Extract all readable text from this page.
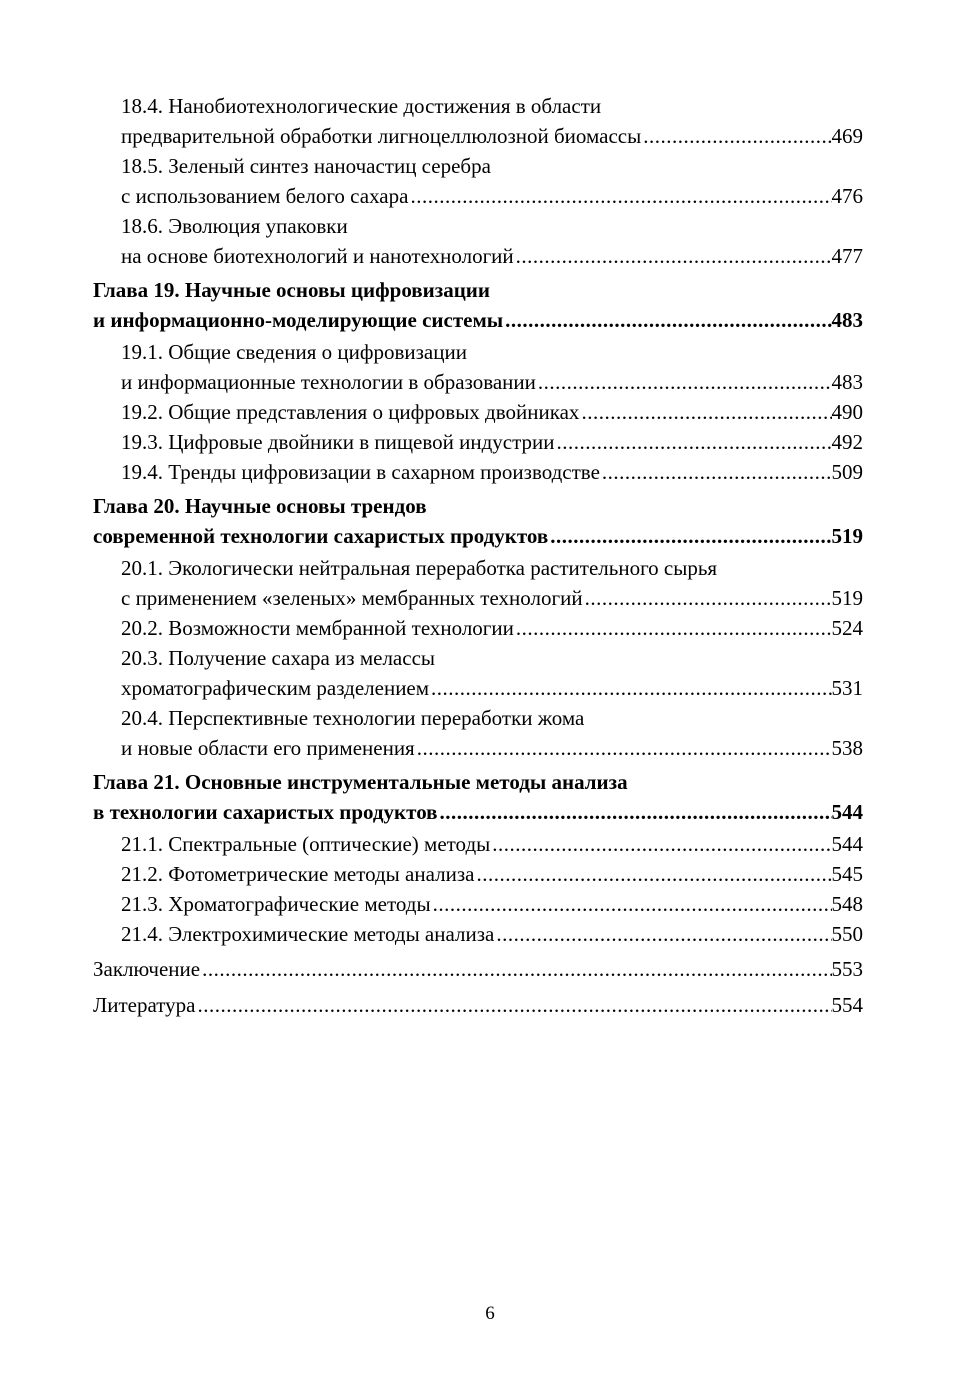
18.4. Нанобиотехнологические достижения в области
предварительной обработки лигноцеллюлозной биомассы .....	469
18.5. Зеленый синтез наночастиц серебра
с использованием белого сахара .....	476
18.6. Эволюция упаковки
на основе биотехнологий и нанотехнологий .....	477
Глава 19. Научные основы цифровизации
и информационно-моделирующие системы .....	483
19.1. Общие сведения о цифровизации
и информационные технологии в образовании .....	483
19.2. Общие представления о цифровых двойниках .....	490
19.3. Цифровые двойники в пищевой индустрии .....	492
19.4. Тренды цифровизации в сахарном производстве .....	509
Глава 20. Научные основы трендов
современной технологии сахаристых продуктов .....	519
20.1. Экологически нейтральная переработка растительного сырья
с применением «зеленых» мембранных технологий .....	519
20.2. Возможности мембранной технологии .....	524
20.3. Получение сахара из мелассы
хроматографическим разделением .....	531
20.4. Перспективные технологии переработки жома
и новые области его применения .....	538
Глава 21. Основные инструментальные методы анализа
в технологии сахаристых продуктов .....	544
21.1. Спектральные (оптические) методы .....	544
21.2. Фотометрические методы анализа .....	545
21.3. Хроматографические методы .....	548
21.4. Электрохимические методы анализа .....	550
Заключение .....	553
Литература .....	554
6
